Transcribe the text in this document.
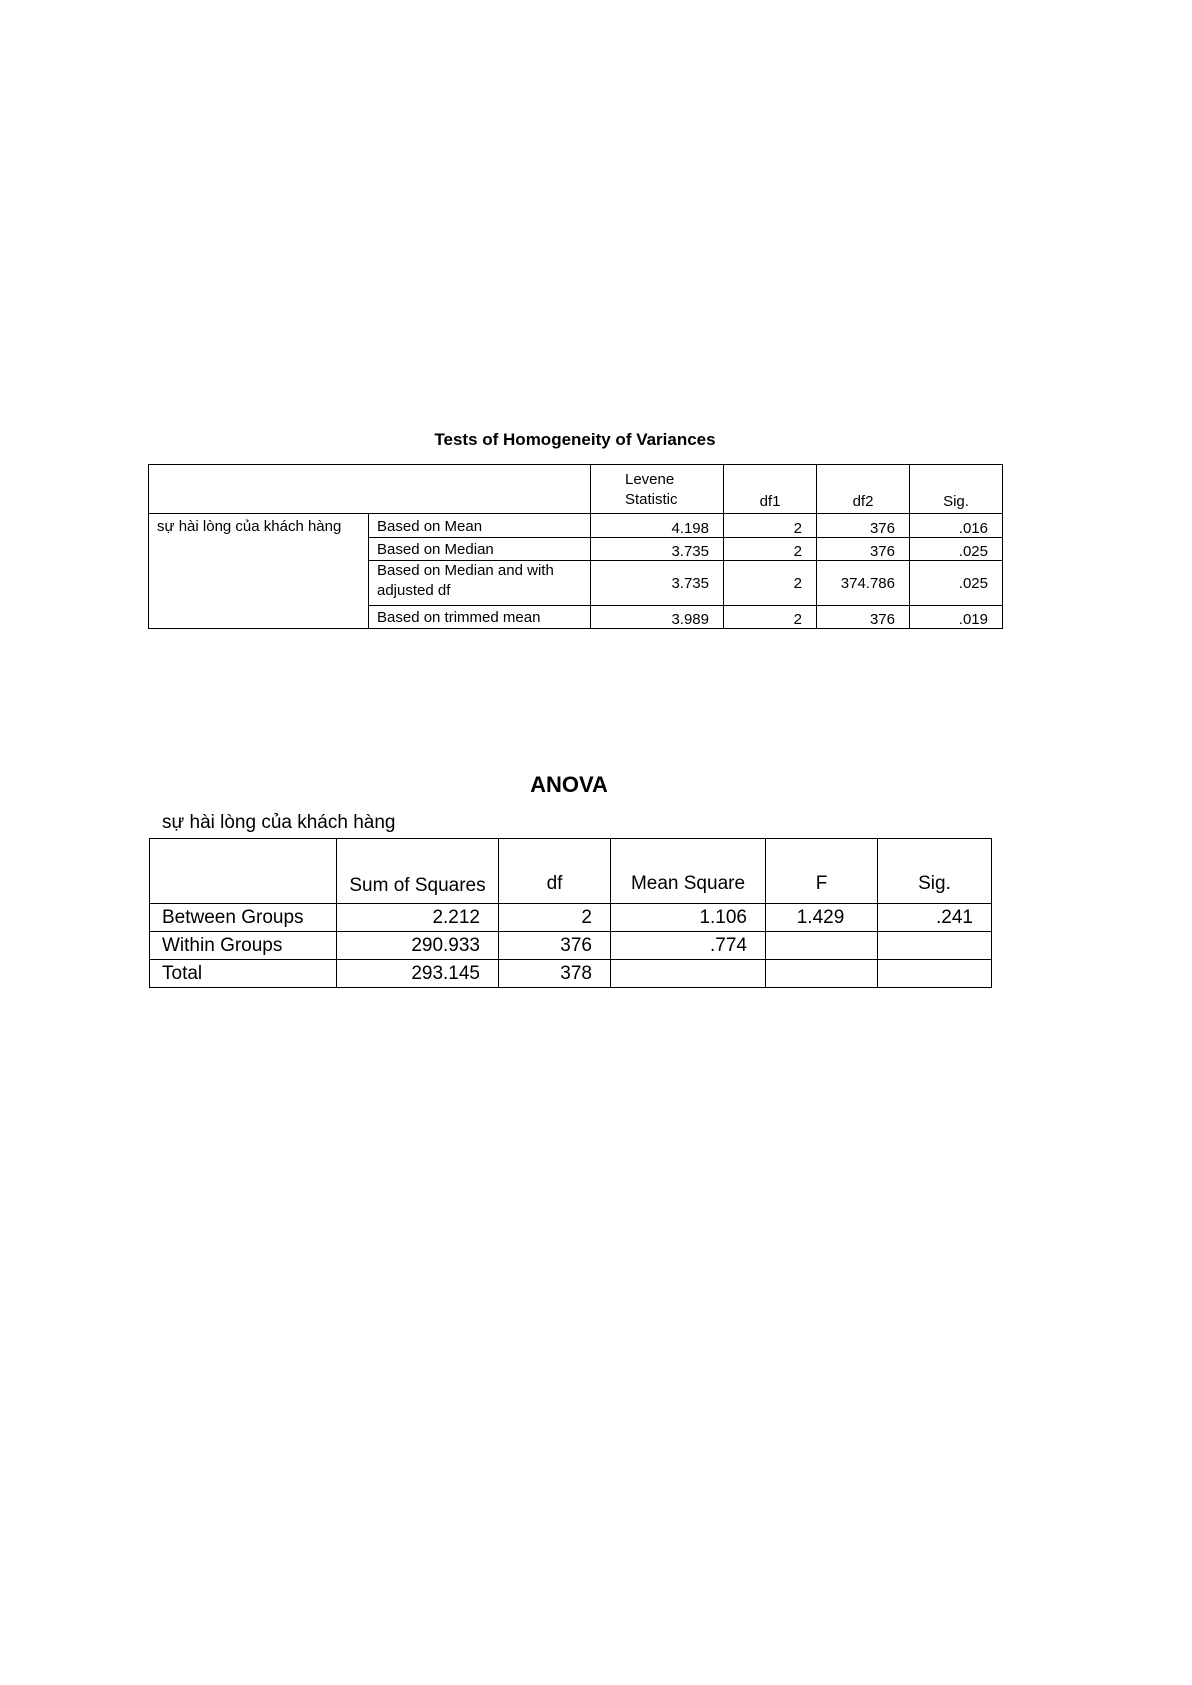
Tests of Homogeneity of Variances
		Levene Statistic	df1	df2	Sig.
sự hài lòng của khách hàng	Based on Mean	4.198	2	376	.016
	Based on Median	3.735	2	376	.025
	Based on Median and with adjusted df	3.735	2	374.786	.025
	Based on trimmed mean	3.989	2	376	.019
ANOVA
sự hài lòng của khách hàng
	Sum of Squares	df	Mean Square	F	Sig.
Between Groups	2.212	2	1.106	1.429	.241
Within Groups	290.933	376	.774		
Total	293.145	378			
